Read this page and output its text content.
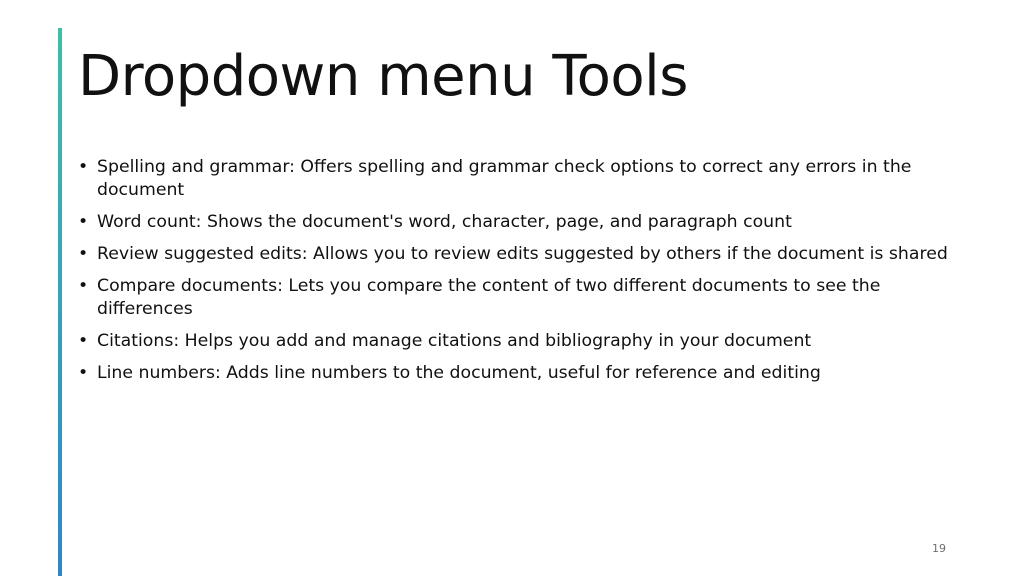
Dropdown menu Tools
• Spelling and grammar: Offers spelling and grammar check options to correct any errors in the document
• Word count: Shows the document's word, character, page, and paragraph count
• Review suggested edits: Allows you to review edits suggested by others if the document is shared
• Compare documents: Lets you compare the content of two different documents to see the differences
• Citations: Helps you add and manage citations and bibliography in your document
• Line numbers: Adds line numbers to the document, useful for reference and editing
19
